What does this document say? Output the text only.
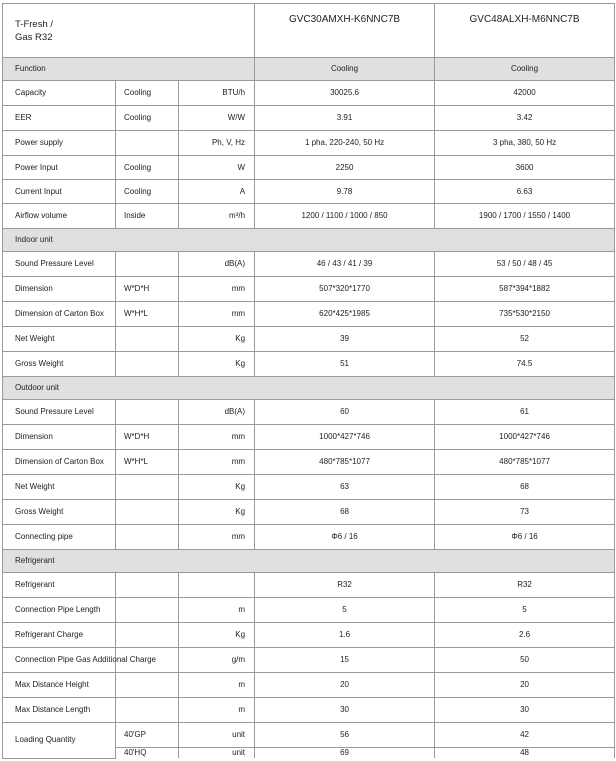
T-Fresh /
Gas R32			GVC30AMXH-K6NNC7B	GVC48ALXH-M6NNC7B
Function			Cooling	Cooling
Capacity	Cooling	BTU/h	30025.6	42000
EER	Cooling	W/W	3.91	3.42
Power supply		Ph, V, Hz	1 pha, 220-240, 50 Hz	3 pha, 380, 50 Hz
Power Input	Cooling	W	2250	3600
Current Input	Cooling	A	9.78	6.63
Airflow volume	Inside	m³/h	1200 / 1100 / 1000 / 850	1900 / 1700 / 1550 / 1400
Indoor unit				
Sound Pressure Level		dB(A)	46 / 43 / 41 / 39	53 / 50 / 48 / 45
Dimension	W*D*H	mm	507*320*1770	587*394*1882
Dimension of Carton Box	W*H*L	mm	620*425*1985	735*530*2150
Net Weight		Kg	39	52
Gross Weight		Kg	51	74.5
Outdoor unit				
Sound Pressure Level		dB(A)	60	61
Dimension	W*D*H	mm	1000*427*746	1000*427*746
Dimension of Carton Box	W*H*L	mm	480*785*1077	480*785*1077
Net Weight		Kg	63	68
Gross Weight		Kg	68	73
Connecting pipe		mm	Φ6 / 16	Φ6 / 16
Refrigerant				
Refrigerant			R32	R32
Connection Pipe Length		m	5	5
Refrigerant Charge		Kg	1.6	2.6
Connection Pipe Gas Additional Charge		g/m	15	50
Max Distance Height		m	20	20
Max Distance Length		m	30	30
Loading Quantity	40'GP	unit	56	42
	40'HQ	unit	69	48
